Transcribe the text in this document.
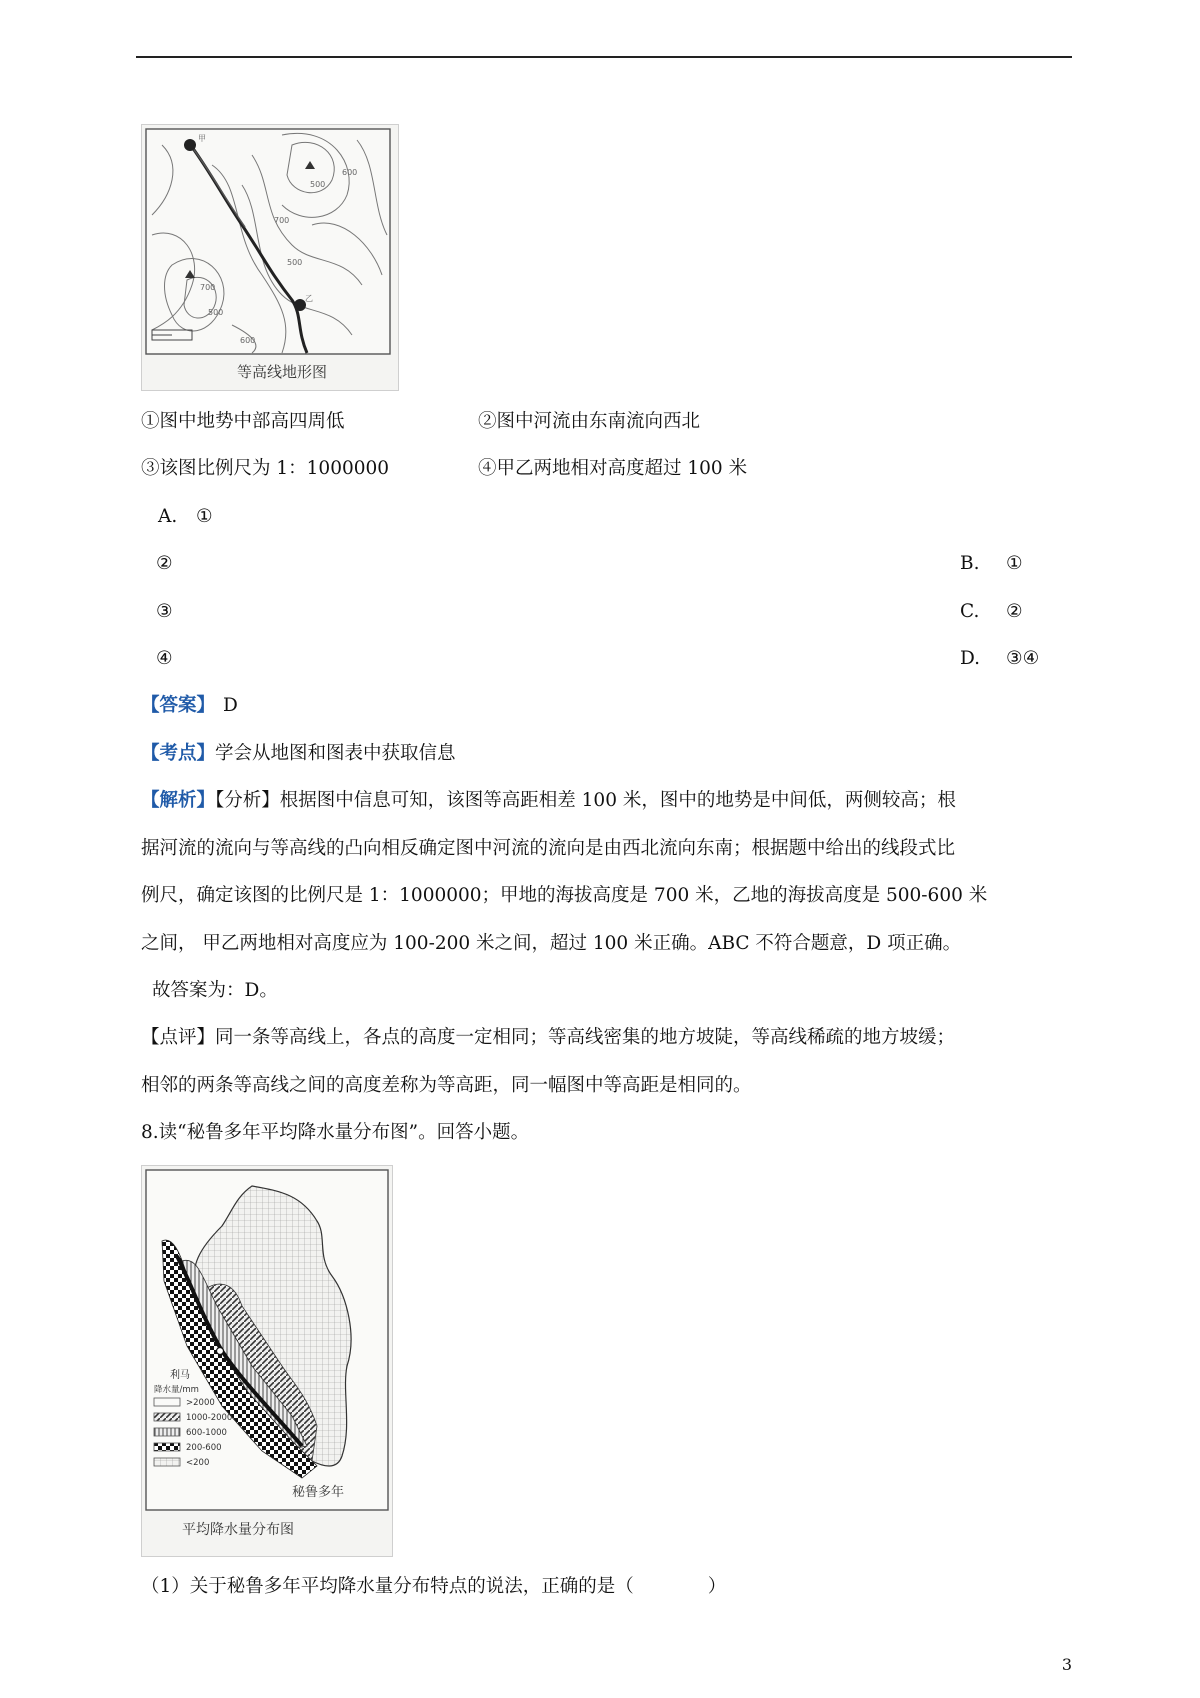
甲
乙
500
700
500
700
500
600
600
等高线地形图
①图中地势中部高四周低	②图中河流由东南流向西北
③该图比例尺为 1：1000000	④甲乙两地相对高度超过 100 米
A. ①
②	B. ①
③	C. ②
④	D. ③④
【答案】 D
【考点】学会从地图和图表中获取信息
【解析】【分析】根据图中信息可知，该图等高距相差 100 米，图中的地势是中间低，两侧较高；根
据河流的流向与等高线的凸向相反确定图中河流的流向是由西北流向东南；根据题中给出的线段式比
例尺，确定该图的比例尺是 1：1000000；甲地的海拔高度是 700 米，乙地的海拔高度是 500-600 米
之间， 甲乙两地相对高度应为 100-200 米之间，超过 100 米正确。ABC 不符合题意，D 项正确。
故答案为：D。
【点评】同一条等高线上，各点的高度一定相同；等高线密集的地方坡陡，等高线稀疏的地方坡缓；
相邻的两条等高线之间的高度差称为等高距，同一幅图中等高距是相同的。
8.读“秘鲁多年平均降水量分布图”。回答小题。
利马
降水量/mm
>2000
1000-2000
600-1000
200-600
<200
秘鲁多年
平均降水量分布图
（1）关于秘鲁多年平均降水量分布特点的说法，正确的是（　　　　）
3
